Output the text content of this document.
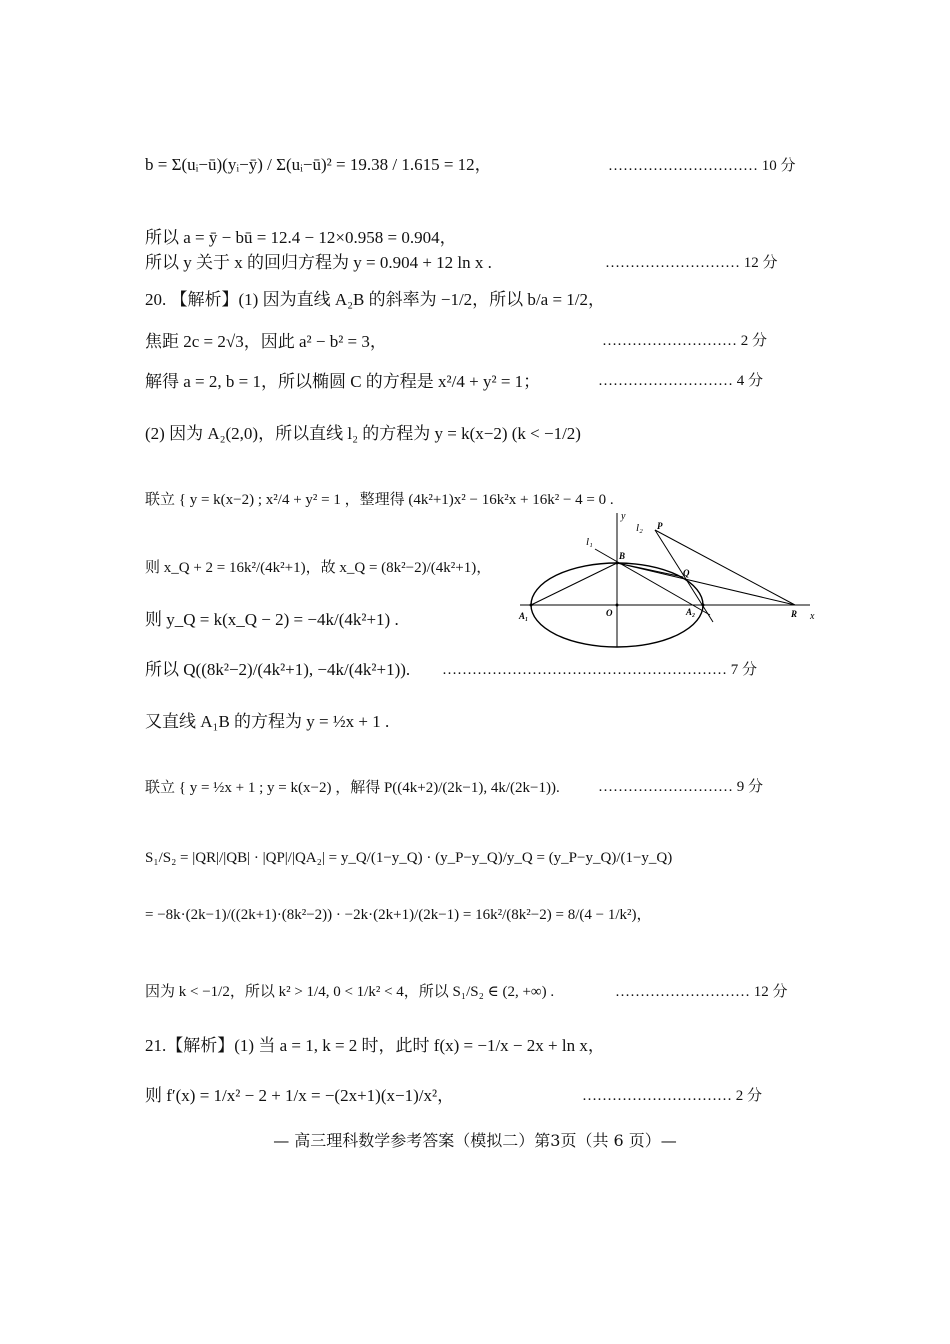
b = Σ(uᵢ−ū)(yᵢ−ȳ) / Σ(uᵢ−ū)² = 19.38 / 1.615 = 12，
所以 a = ȳ − bū = 12.4 − 12×0.958 = 0.904，
所以 y 关于 x 的回归方程为 y = 0.904 + 12 ln x .
20. 【解析】(1) 因为直线 A₂B 的斜率为 −1/2，所以 b/a = 1/2，
焦距 2c = 2√3，因此 a² − b² = 3，
解得 a = 2, b = 1，所以椭圆 C 的方程是 x²/4 + y² = 1；
(2) 因为 A₂(2,0)，所以直线 l₂ 的方程为 y = k(x−2) (k < −1/2)
联立 { y = k(x−2) ; x²/4 + y² = 1 ，整理得 (4k²+1)x² − 16k²x + 16k² − 4 = 0 .
则 x_Q + 2 = 16k²/(4k²+1)，故 x_Q = (8k²−2)/(4k²+1)，
则 y_Q = k(x_Q − 2) = −4k/(4k²+1) .
所以 Q((8k²−2)/(4k²+1), −4k/(4k²+1)).
又直线 A₁B 的方程为 y = ½x + 1 .
联立 { y = ½x + 1 ; y = k(x−2) ，解得 P((4k+2)/(2k−1), 4k/(2k−1)).
S₁/S₂ = |QR|/|QB| · |QP|/|QA₂| = y_Q/(1−y_Q) · (y_P−y_Q)/y_Q = (y_P−y_Q)/(1−y_Q)
= −8k·(2k−1)/((2k+1)·(8k²−2)) · −2k·(2k+1)/(2k−1) = 16k²/(8k²−2) = 8/(4 − 1/k²)，
因为 k < −1/2，所以 k² > 1/4, 0 < 1/k² < 4，所以 S₁/S₂ ∈ (2, +∞) .
21.【解析】(1) 当 a = 1, k = 2 时，此时 f(x) = −1/x − 2x + ln x，
则 f′(x) = 1/x² − 2 + 1/x = −(2x+1)(x−1)/x²，
………………………… 10 分
……………………… 12 分
……………………… 2 分
……………………… 4 分
………………………………………………… 7 分
……………………… 9 分
……………………… 12 分
………………………… 2 分
y
x
l₁
l₂ P
B
Q
O
A₁	A₂	R
— 高三理科数学参考答案（模拟二）第3页（共 6 页）—
